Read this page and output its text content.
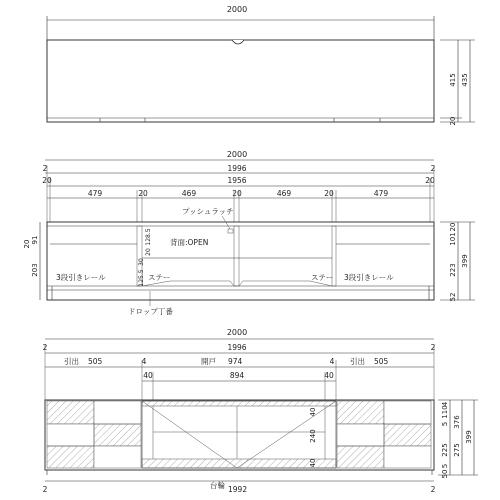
2000
415 435
20
2000
1996
2	2
1956
20	20
479	20	469	20	469	20	479
プッシュラッチ
背面:OPEN
3段引きレール	3段引きレール
ステー	ステー
ドロップ丁番
20 91
203
128.5
20
30
125.5
20
101
223
52
399
2000
1996
2	2
引出 505	4	開戸 974	4 引出 505
40	894	40
40
240
40
台輪 1992
2	2
4
110
5
225
5
50
376
275
399
